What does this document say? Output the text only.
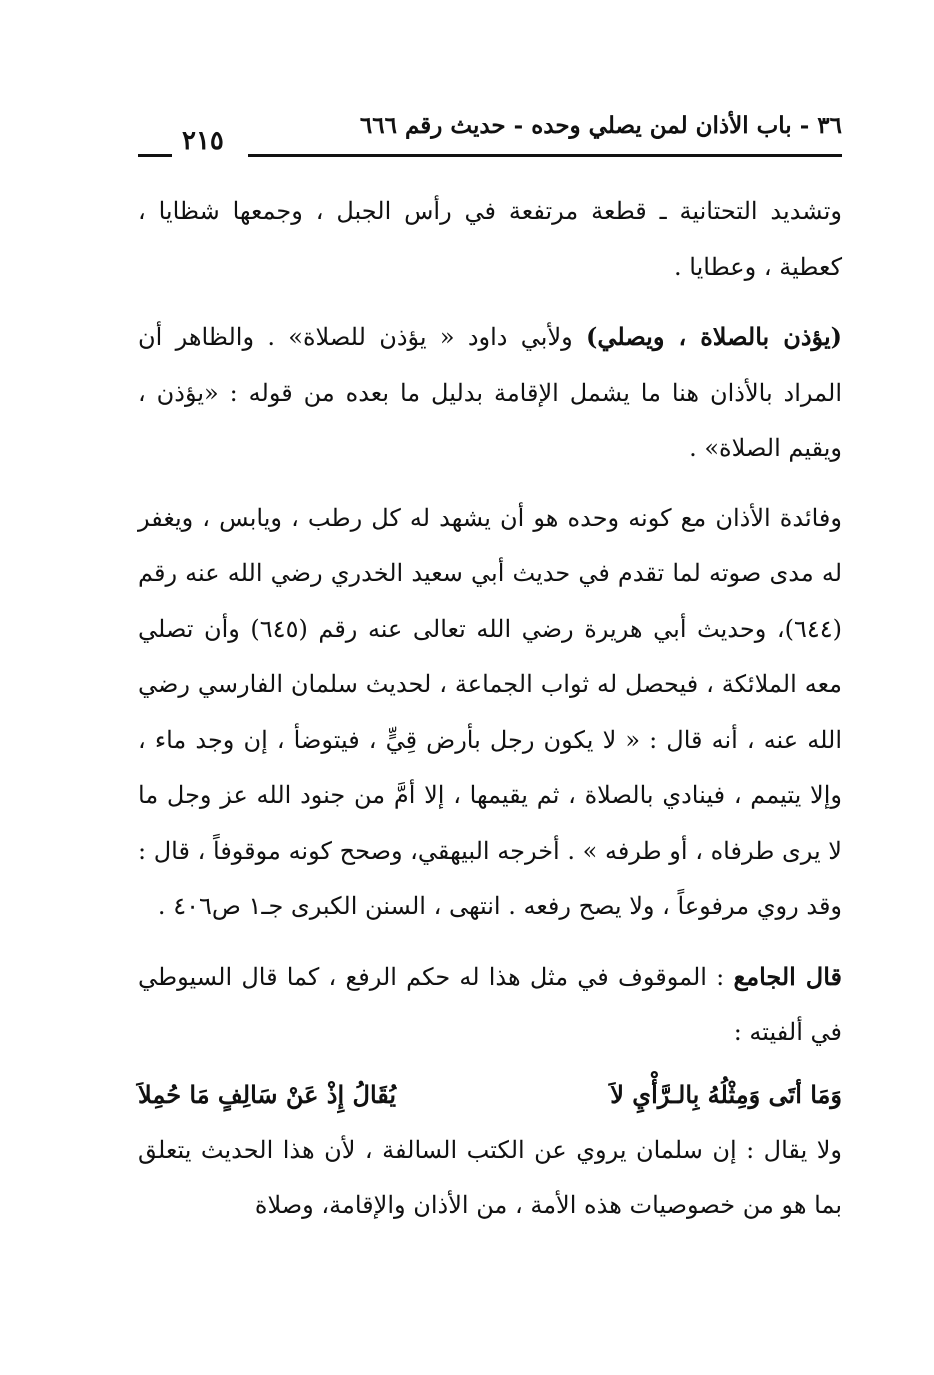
٣٦ - باب الأذان لمن يصلي وحده - حديث رقم ٦٦٦
٢١٥

وتشديد التحتانية ـ قطعة مرتفعة في رأس الجبل ، وجمعها شظايا ، كعطية ، وعطايا .

(يؤذن بالصلاة ، ويصلي) ولأبي داود « يؤذن للصلاة» . والظاهر أن المراد بالأذان هنا ما يشمل الإقامة بدليل ما بعده من قوله : «يؤذن ، ويقيم الصلاة» .

وفائدة الأذان مع كونه وحده هو أن يشهد له كل رطب ، ويابس ، ويغفر له مدى صوته لما تقدم في حديث أبي سعيد الخدري رضي الله عنه رقم (٦٤٤)، وحديث أبي هريرة رضي الله تعالى عنه رقم (٦٤٥) وأن تصلي معه الملائكة ، فيحصل له ثواب الجماعة ، لحديث سلمان الفارسي رضي الله عنه ، أنه قال : « لا يكون رجل بأرض قِيٍّ ، فيتوضأ ، إن وجد ماء ، وإلا يتيمم ، فينادي بالصلاة ، ثم يقيمها ، إلا أمَّ من جنود الله عز وجل ما لا يرى طرفاه ، أو طرفه » . أخرجه البيهقي، وصحح كونه موقوفاً ، قال : وقد روي مرفوعاً ، ولا يصح رفعه . انتهى ، السنن الكبرى جـ١ ص٤٠٦ .

قال الجامع : الموقوف في مثل هذا له حكم الرفع ، كما قال السيوطي في ألفيته :

وَمَا أتَى وَمِثْلُهُ بِالـرَّأْيِ لاَ
يُقَالُ إِذْ عَنْ سَالِفٍ مَا حُمِلاَ

ولا يقال : إن سلمان يروي عن الكتب السالفة ، لأن هذا الحديث يتعلق بما هو من خصوصيات هذه الأمة ، من الأذان والإقامة، وصلاة
